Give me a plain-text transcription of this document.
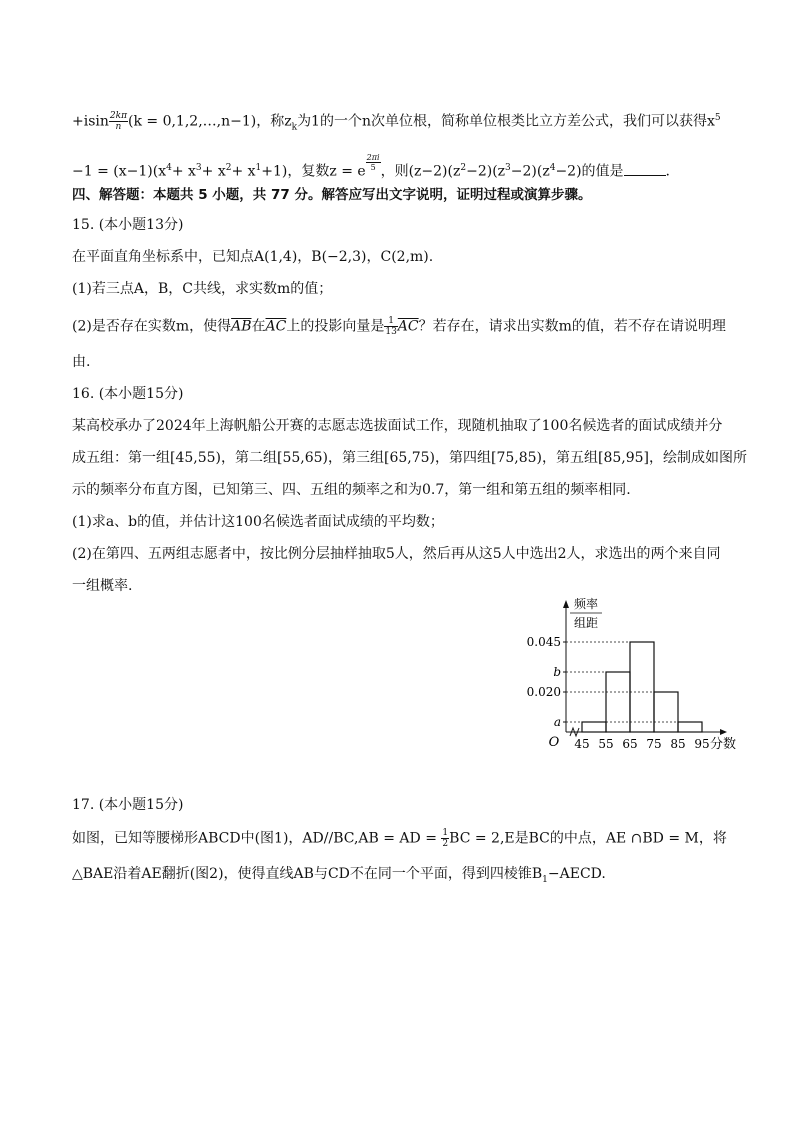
$+isin \frac{2k\pi}{n} (k$ = 0,1,2,…,n−1)，称$z_k$为1的一个n次单位根，简称单位根类比立方差公式，我们可以获得$x^5$
$-1 = (x-1)(x^4+ x^3+ x^2+ x^1+1)$，复数z = e $\frac{2\pi i}{5}$ ，则$(z-2)(z^2-2)(z^3-2)(z^4-2)$的值是	.
四、解答题：本题共 5 小题，共 77 分。解答应写出文字说明，证明过程或演算步骤。
15. (本小题13分)
在平面直角坐标系中，已知点A(1,4)，B(−2,3)，C(2,m).
(1)若三点A，B，C共线，求实数m的值；
(2)是否存在实数m，使得$\overline{AB}$在$\overline{AC}$上的投影向量是 $\frac{1}{13} \overline{AC}$？若存在，请求出实数m的值，若不存在请说明理
由.
16. (本小题15分)
某高校承办了2024年上海帆船公开赛的志愿志选拔面试工作，现随机抽取了100名候选者的面试成绩并分
成五组：第一组[45,55)，第二组[55,65)，第三组[65,75)，第四组[75,85)，第五组[85,95]，绘制成如图所
示的频率分布直方图，已知第三、四、五组的频率之和为0.7，第一组和第五组的频率相同.
(1)求a、b的值，并估计这100名候选者面试成绩的平均数；
(2)在第四、五两组志愿者中，按比例分层抽样抽取5人，然后再从这5人中选出2人，求选出的两个来自同
一组概率.
a
0.020
b
0.045
45 55 65 75 85 95
O	分数
频率
组距
17. (本小题15分)
如图，已知等腰梯形ABCD中(图1)，AD//BC,AB = AD = $\frac{1}{2}$ BC = 2,E是BC的中点，AE ∩BD = M，将
△BAE沿着AE翻折(图2)，使得直线AB与CD不在同一个平面，得到四棱锥$B_1-AECD$.
